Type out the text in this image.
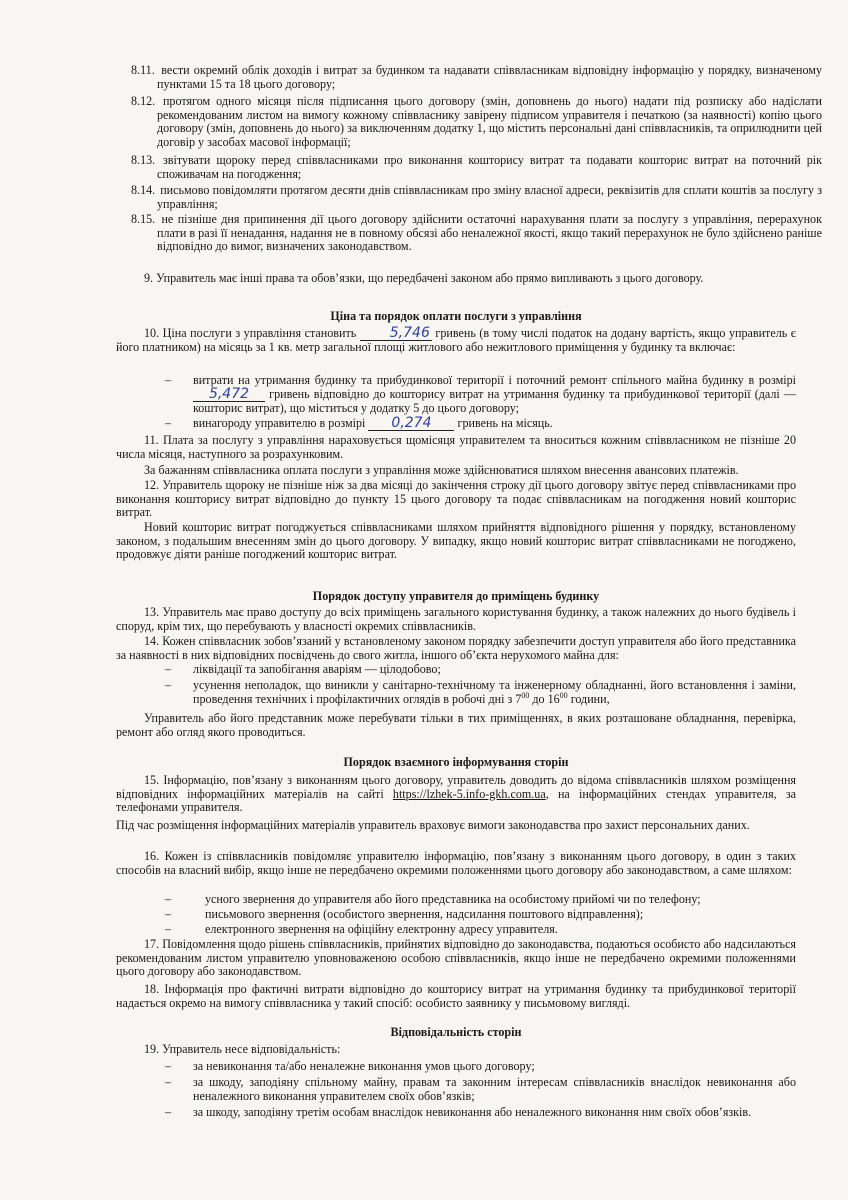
8.11. вести окремий облік доходів і витрат за будинком та надавати співвласникам відповідну інформацію у порядку, визначеному пунктами 15 та 18 цього договору;
8.12. протягом одного місяця після підписання цього договору (змін, доповнень до нього) надати під розписку або надіслати рекомендованим листом на вимогу кожному співвласнику завірену підписом управителя і печаткою (за наявності) копію цього договору (змін, доповнень до нього) за виключенням додатку 1, що містить персональні дані співвласників, та оприлюднити цей договір у засобах масової інформації;
8.13. звітувати щороку перед співвласниками про виконання кошторису витрат та подавати кошторис витрат на поточний рік споживачам на погодження;
8.14. письмово повідомляти протягом десяти днів співвласникам про зміну власної адреси, реквізитів для сплати коштів за послугу з управління;
8.15. не пізніше дня припинення дії цього договору здійснити остаточні нарахування плати за послугу з управління, перерахунок плати в разі її ненадання, надання не в повному обсязі або неналежної якості, якщо такий перерахунок не було здійснено раніше відповідно до вимог, визначених законодавством.
9. Управитель має інші права та обов’язки, що передбачені законом або прямо випливають з цього договору.
Ціна та порядок оплати послуги з управління
10. Ціна послуги з управління становить 5,746 гривень (в тому числі податок на додану вартість, якщо управитель є його платником) на місяць за 1 кв. метр загальної площі житлового або нежитлового приміщення у будинку та включає:
–	витрати на утримання будинку та прибудинкової території і поточний ремонт спільного майна будинку в розмірі 5,472 гривень відповідно до кошторису витрат на утримання будинку та прибудинкової території (далі — кошторис витрат), що міститься у додатку 5 до цього договору;
–	винагороду управителю в розмірі 0,274 гривень на місяць.
11. Плата за послугу з управління нараховується щомісяця управителем та вноситься кожним співвласником не пізніше 20 числа місяця, наступного за розрахунковим.
За бажанням співвласника оплата послуги з управління може здійснюватися шляхом внесення авансових платежів.
12. Управитель щороку не пізніше ніж за два місяці до закінчення строку дії цього договору звітує перед співвласниками про виконання кошторису витрат відповідно до пункту 15 цього договору та подає співвласникам на погодження новий кошторис витрат.
Новий кошторис витрат погоджується співвласниками шляхом прийняття відповідного рішення у порядку, встановленому законом, з подальшим внесенням змін до цього договору. У випадку, якщо новий кошторис витрат співвласниками не погоджено, продовжує діяти раніше погоджений кошторис витрат.
Порядок доступу управителя до приміщень будинку
13. Управитель має право доступу до всіх приміщень загального користування будинку, а також належних до нього будівель і споруд, крім тих, що перебувають у власності окремих співвласників.
14. Кожен співвласник зобов’язаний у встановленому законом порядку забезпечити доступ управителя або його представника за наявності в них відповідних посвідчень до свого житла, іншого об’єкта нерухомого майна для:
–	ліквідації та запобігання аваріям — цілодобово;
–	усунення неполадок, що виникли у санітарно-технічному та інженерному обладнанні, його встановлення і заміни, проведення технічних і профілактичних оглядів в робочі дні з $7^{00}$ до $16^{00}$ години,
Управитель або його представник може перебувати тільки в тих приміщеннях, в яких розташоване обладнання, перевірка, ремонт або огляд якого проводиться.
Порядок взаємного інформування сторін
15. Інформацію, пов’язану з виконанням цього договору, управитель доводить до відома співвласників шляхом розміщення відповідних інформаційних матеріалів на сайті https://lzhek-5.info-gkh.com.ua, на інформаційних стендах управителя, за телефонами управителя.
Під час розміщення інформаційних матеріалів управитель враховує вимоги законодавства про захист персональних даних.
16. Кожен із співвласників повідомляє управителю інформацію, пов’язану з виконанням цього договору, в один з таких способів на власний вибір, якщо інше не передбачено окремими положеннями цього договору або законодавством, а саме шляхом:
–	усного звернення до управителя або його представника на особистому прийомі чи по телефону;
–	письмового звернення (особистого звернення, надсилання поштового відправлення);
–	електронного звернення на офіційну електронну адресу управителя.
17. Повідомлення щодо рішень співвласників, прийнятих відповідно до законодавства, подаються особисто або надсилаються рекомендованим листом управителю уповноваженою особою співвласників, якщо інше не передбачено окремими положеннями цього договору або законодавством.
18. Інформація про фактичні витрати відповідно до кошторису витрат на утримання будинку та прибудинкової території надається окремо на вимогу співвласника у такий спосіб: особисто заявнику у письмовому вигляді.
Відповідальність сторін
19. Управитель несе відповідальність:
–	за невиконання та/або неналежне виконання умов цього договору;
–	за шкоду, заподіяну спільному майну, правам та законним інтересам співвласників внаслідок невиконання або неналежного виконання управителем своїх обов’язків;
–	за шкоду, заподіяну третім особам внаслідок невиконання або неналежного виконання ним своїх обов’язків.
